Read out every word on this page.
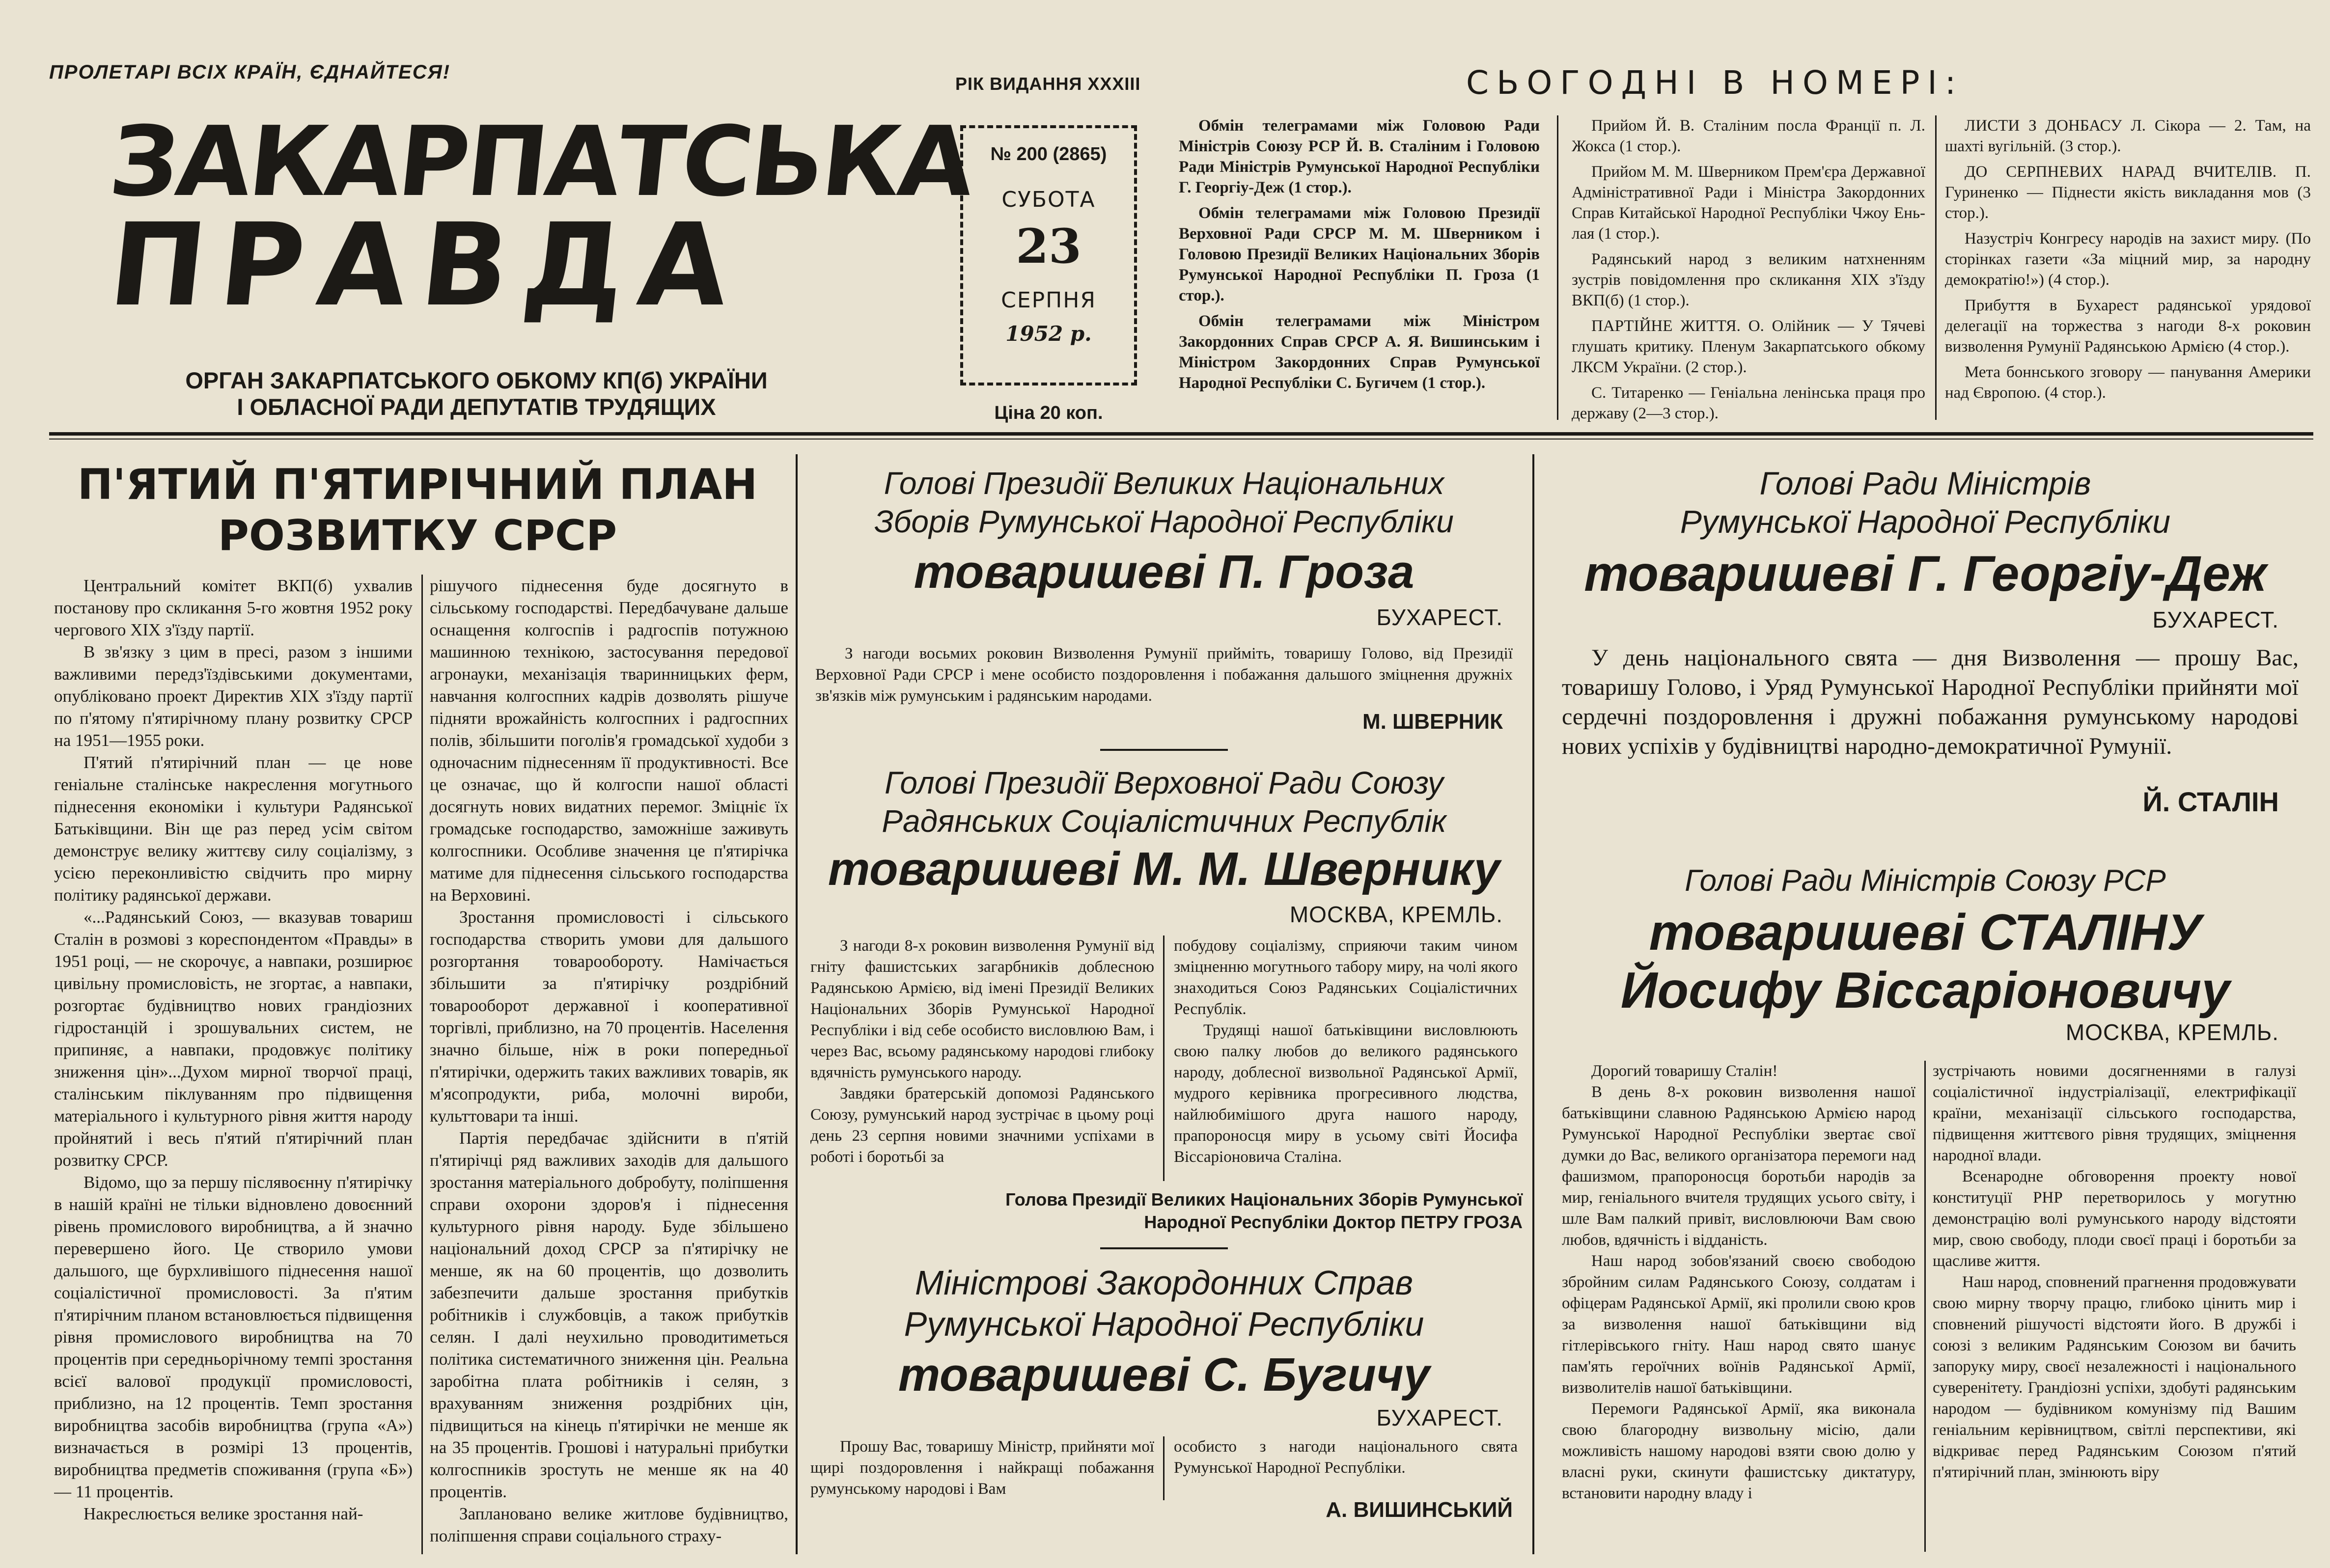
ПРОЛЕТАРІ ВСІХ КРАЇН, ЄДНАЙТЕСЯ!
ЗАКАРПАТСЬКА
ПРАВДА
ОРГАН ЗАКАРПАТСЬКОГО ОБКОМУ КП(б) УКРАЇНИ
І ОБЛАСНОЇ РАДИ ДЕПУТАТІВ ТРУДЯЩИХ
РІК ВИДАННЯ XXXIII
№ 200 (2865)
СУБОТА
23
СЕРПНЯ
1952 р.
Ціна 20 коп.
СЬОГОДНІ В НОМЕРІ:

Обмін телеграмами між Головою Ради Міністрів Союзу РСР Й. В. Сталіним і Головою Ради Міністрів Румунської Народної Республіки Г. Георгіу-Деж (1 стор.).

Обмін телеграмами між Головою Президії Верховної Ради СРСР М. М. Шверником і Головою Президії Великих Національних Зборів Румунської Народної Республіки П. Гроза (1 стор.).

Обмін телеграмами між Міністром Закордонних Справ СРСР А. Я. Вишинським і Міністром Закордонних Справ Румунської Народної Республіки С. Бугичем (1 стор.).

Прийом Й. В. Сталіним посла Франції п. Л. Жокса (1 стор.).

Прийом М. М. Шверником Прем'єра Державної Адміністративної Ради і Міністра Закордонних Справ Китайської Народної Республіки Чжоу Ень-лая (1 стор.).

Радянський народ з великим натхненням зустрів повідомлення про скликання XIX з'їзду ВКП(б) (1 стор.).

ПАРТІЙНЕ ЖИТТЯ. О. Олійник — У Тячеві глушать критику. Пленум Закарпатського обкому ЛКСМ України. (2 стор.).

С. Титаренко — Геніальна ленінська праця про державу (2—3 стор.).

ЛИСТИ З ДОНБАСУ Л. Сікора — 2. Там, на шахті вугільній. (3 стор.).

ДО СЕРПНЕВИХ НАРАД ВЧИТЕЛІВ. П. Гуриненко — Піднести якість викладання мов (3 стор.).

Назустріч Конгресу народів на захист миру. (По сторінках газети «За міцний мир, за народну демократію!») (4 стор.).

Прибуття в Бухарест радянської урядової делегації на торжества з нагоди 8-х роковин визволення Румунії Радянською Армією (4 стор.).

Мета боннського зговору — панування Америки над Європою. (4 стор.).

П'ЯТИЙ П'ЯТИРІЧНИЙ ПЛАН
РОЗВИТКУ СРСР

Центральний комітет ВКП(б) ухвалив постанову про скликання 5-го жовтня 1952 року чергового XIX з'їзду партії.

В зв'язку з цим в пресі, разом з іншими важливими передз'їздівськими документами, опубліковано проект Директив XIX з'їзду партії по п'ятому п'ятирічному плану розвитку СРСР на 1951—1955 роки.

П'ятий п'ятирічний план — це нове геніальне сталінське накреслення могутнього піднесення економіки і культури Радянської Батьківщини. Він ще раз перед усім світом демонструє велику життєву силу соціалізму, з усією переконливістю свідчить про мирну політику радянської держави.

«...Радянський Союз, — вказував товариш Сталін в розмові з кореспондентом «Правды» в 1951 році, — не скорочує, а навпаки, розширює цивільну промисловість, не згортає, а навпаки, розгортає будівництво нових грандіозних гідростанцій і зрошувальних систем, не припиняє, а навпаки, продовжує політику зниження цін»...Духом мирної творчої праці, сталінським піклуванням про підвищення матеріального і культурного рівня життя народу пройнятий і весь п'ятий п'ятирічний план розвитку СРСР.

Відомо, що за першу післявоєнну п'ятирічку в нашій країні не тільки відновлено довоєнний рівень промислового виробництва, а й значно перевершено його. Це створило умови дальшого, ще бурхливішого піднесення нашої соціалістичної промисловості. За п'ятим п'ятирічним планом встановлюється підвищення рівня промислового виробництва на 70 процентів при середньорічному темпі зростання всієї валової продукції промисловості, приблизно, на 12 процентів. Темп зростання виробництва засобів виробництва (група «А») визначається в розмірі 13 процентів, виробництва предметів споживання (група «Б») — 11 процентів.

Накреслюється велике зростання най-

рішучого піднесення буде досягнуто в сільському господарстві. Передбачуване дальше оснащення колгоспів і радгоспів потужною машинною технікою, застосування передової агронауки, механізація тваринницьких ферм, навчання колгоспних кадрів дозволять рішуче підняти врожайність колгоспних і радгоспних полів, збільшити поголів'я громадської худоби з одночасним піднесенням її продуктивності. Все це означає, що й колгоспи нашої області досягнуть нових видатних перемог. Зміцніє їх громадське господарство, заможніше заживуть колгоспники. Особливе значення це п'ятирічка матиме для піднесення сільського господарства на Верховині.

Зростання промисловості і сільського господарства створить умови для дальшого розгортання товарообороту. Намічається збільшити за п'ятирічку роздрібний товарооборот державної і кооперативної торгівлі, приблизно, на 70 процентів. Населення значно більше, ніж в роки попередньої п'ятирічки, одержить таких важливих товарів, як м'ясопродукти, риба, молочні вироби, культтовари та інші.

Партія передбачає здійснити в п'ятій п'ятирічці ряд важливих заходів для дальшого зростання матеріального добробуту, поліпшення справи охорони здоров'я і піднесення культурного рівня народу. Буде збільшено національний доход СРСР за п'ятирічку не менше, як на 60 процентів, що дозволить забезпечити дальше зростання прибутків робітників і службовців, а також прибутків селян. І далі неухильно проводитиметься політика систематичного зниження цін. Реальна заробітна плата робітників і селян, з врахуванням зниження роздрібних цін, підвищиться на кінець п'ятирічки не менше як на 35 процентів. Грошові і натуральні прибутки колгоспників зростуть не менше як на 40 процентів.

Заплановано велике житлове будівництво, поліпшення справи соціального страху-

Голові Президії Великих Національних
Зборів Румунської Народної Республіки
товаришеві П. Гроза
БУХАРЕСТ.

З нагоди восьмих роковин Визволення Румунії прийміть, товаришу Голово, від Президії Верховної Ради СРСР і мене особисто поздоровлення і побажання дальшого зміцнення дружніх зв'язків між румунським і радянським народами.

М. ШВЕРНИК
Голові Президії Верховної Ради Союзу
Радянських Соціалістичних Республік
товаришеві М. М. Швернику
МОСКВА, КРЕМЛЬ.

З нагоди 8-х роковин визволення Румунії від гніту фашистських загарбників доблесною Радянською Армією, від імені Президії Великих Національних Зборів Румунської Народної Республіки і від себе особисто висловлюю Вам, і через Вас, всьому радянському народові глибоку вдячність румунського народу.

Завдяки братерській допомозі Радянського Союзу, румунський народ зустрічає в цьому році день 23 серпня новими значними успіхами в роботі і боротьбі за

побудову соціалізму, сприяючи таким чином зміцненню могутнього табору миру, на чолі якого знаходиться Союз Радянських Соціалістичних Республік.

Трудящі нашої батьківщини висловлюють свою палку любов до великого радянського народу, доблесної визвольної Радянської Армії, мудрого керівника прогресивного людства, найлюбимішого друга нашого народу, прапороносця миру в усьому світі Йосифа Віссаріоновича Сталіна.

Голова Президії Великих Національних Зборів Румунської
Народної Республіки Доктор ПЕТРУ ГРОЗА
Міністрові Закордонних Справ
Румунської Народної Республіки
товаришеві С. Бугичу
БУХАРЕСТ.

Прошу Вас, товаришу Міністр, прийняти мої щирі поздоровлення і найкращі побажання румунському народові і Вам

особисто з нагоди національного свята Румунської Народної Республіки.

А. ВИШИНСЬКИЙ
Голові Ради Міністрів
Румунської Народної Республіки
товаришеві Г. Георгіу-Деж
БУХАРЕСТ.

У день національного свята — дня Визволення — прошу Вас, товаришу Голово, і Уряд Румунської Народної Республіки прийняти мої сердечні поздоровлення і дружні побажання румунському народові нових успіхів у будівництві народно-демократичної Румунії.

Й. СТАЛІН
Голові Ради Міністрів Союзу РСР
товаришеві СТАЛІНУ
Йосифу Віссаріоновичу
МОСКВА, КРЕМЛЬ.

Дорогий товаришу Сталін!

В день 8-х роковин визволення нашої батьківщини славною Радянською Армією народ Румунської Народної Республіки звертає свої думки до Вас, великого організатора перемоги над фашизмом, прапороносця боротьби народів за мир, геніального вчителя трудящих усього світу, і шле Вам палкий привіт, висловлюючи Вам свою любов, вдячність і відданість.

Наш народ зобов'язаний своєю свободою збройним силам Радянського Союзу, солдатам і офіцерам Радянської Армії, які пролили свою кров за визволення нашої батьківщини від гітлерівського гніту. Наш народ свято шанує пам'ять героїчних воїнів Радянської Армії, визволителів нашої батьківщини.

Перемоги Радянської Армії, яка виконала свою благородну визвольну місію, дали можливість нашому народові взяти свою долю у власні руки, скинути фашистську диктатуру, встановити народну владу і

зустрічають новими досягненнями в галузі соціалістичної індустріалізації, електрифікації країни, механізації сільського господарства, підвищення життєвого рівня трудящих, зміцнення народної влади.

Всенародне обговорення проекту нової конституції РНР перетворилось у могутню демонстрацію волі румунського народу відстояти мир, свою свободу, плоди своєї праці і боротьби за щасливе життя.

Наш народ, сповнений прагнення продовжувати свою мирну творчу працю, глибоко цінить мир і сповнений рішучості відстояти його. В дружбі і союзі з великим Радянським Союзом ви бачить запоруку миру, своєї незалежності і національного суверенітету. Грандіозні успіхи, здобуті радянським народом — будівником комунізму під Вашим геніальним керівництвом, світлі перспективи, які відкриває перед Радянським Союзом п'ятий п'ятирічний план, змінюють віру
